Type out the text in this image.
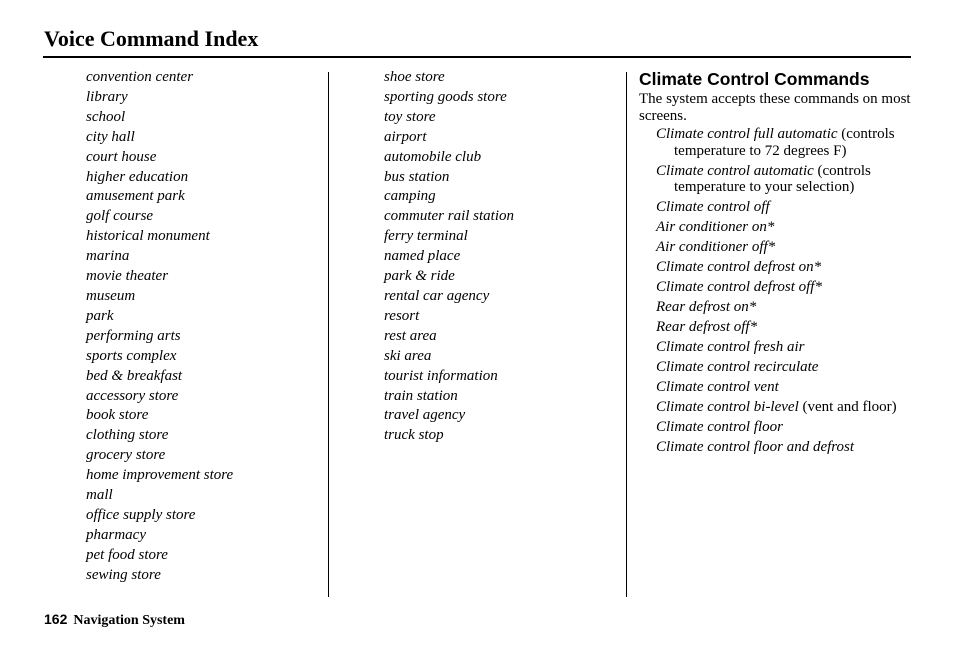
Voice Command Index
convention center
library
school
city hall
court house
higher education
amusement park
golf course
historical monument
marina
movie theater
museum
park
performing arts
sports complex
bed & breakfast
accessory store
book store
clothing store
grocery store
home improvement store
mall
office supply store
pharmacy
pet food store
sewing store
shoe store
sporting goods store
toy store
airport
automobile club
bus station
camping
commuter rail station
ferry terminal
named place
park & ride
rental car agency
resort
rest area
ski area
tourist information
train station
travel agency
truck stop
Climate Control Commands

The system accepts these commands on most screens.

Climate control full automatic (controls temperature to 72 degrees F)
Climate control automatic (controls temperature to your selection)
Climate control off
Air conditioner on*
Air conditioner off*
Climate control defrost on*
Climate control defrost off*
Rear defrost on*
Rear defrost off*
Climate control fresh air
Climate control recirculate
Climate control vent
Climate control bi-level (vent and floor)
Climate control floor
Climate control floor and defrost
162 Navigation System
